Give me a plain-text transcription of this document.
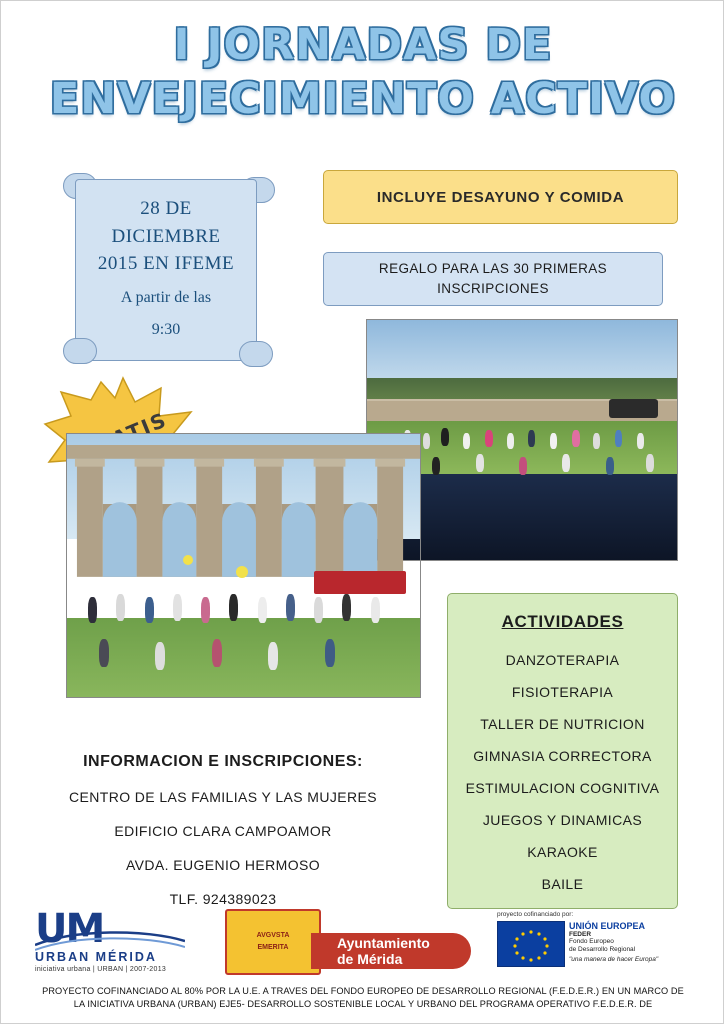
I JORNADAS DE
ENVEJECIMIENTO ACTIVO
28 DE
DICIEMBRE
2015 EN IFEME
A partir de las
9:30
INCLUYE DESAYUNO Y COMIDA
REGALO PARA LAS 30 PRIMERAS
INSCRIPCIONES
ACTIVIDADES
DANZOTERAPIA
FISIOTERAPIA
TALLER DE NUTRICION
GIMNASIA CORRECTORA
ESTIMULACION COGNITIVA
JUEGOS Y DINAMICAS
KARAOKE
BAILE
INFORMACION E INSCRIPCIONES:
CENTRO DE LAS FAMILIAS Y LAS MUJERES
EDIFICIO CLARA CAMPOAMOR
AVDA. EUGENIO HERMOSO
TLF. 924389023
UM
URBAN MÉRIDA
iniciativa urbana | URBAN | 2007-2013
AVGVSTA
EMERITA	Ayuntamiento
de Mérida
proyecto cofinanciado por:
UNIÓN EUROPEA
FEDER
Fondo Europeo
de Desarrollo Regional
"una manera de hacer Europa"
PROYECTO COFINANCIADO AL 80% POR LA U.E. A TRAVES DEL FONDO EUROPEO DE DESARROLLO REGIONAL (F.E.D.E.R.) EN UN MARCO DE
LA INICIATIVA URBANA (URBAN) EJE5- DESARROLLO SOSTENIBLE LOCAL Y URBANO DEL PROGRAMA OPERATIVO F.E.D.E.R. DE
